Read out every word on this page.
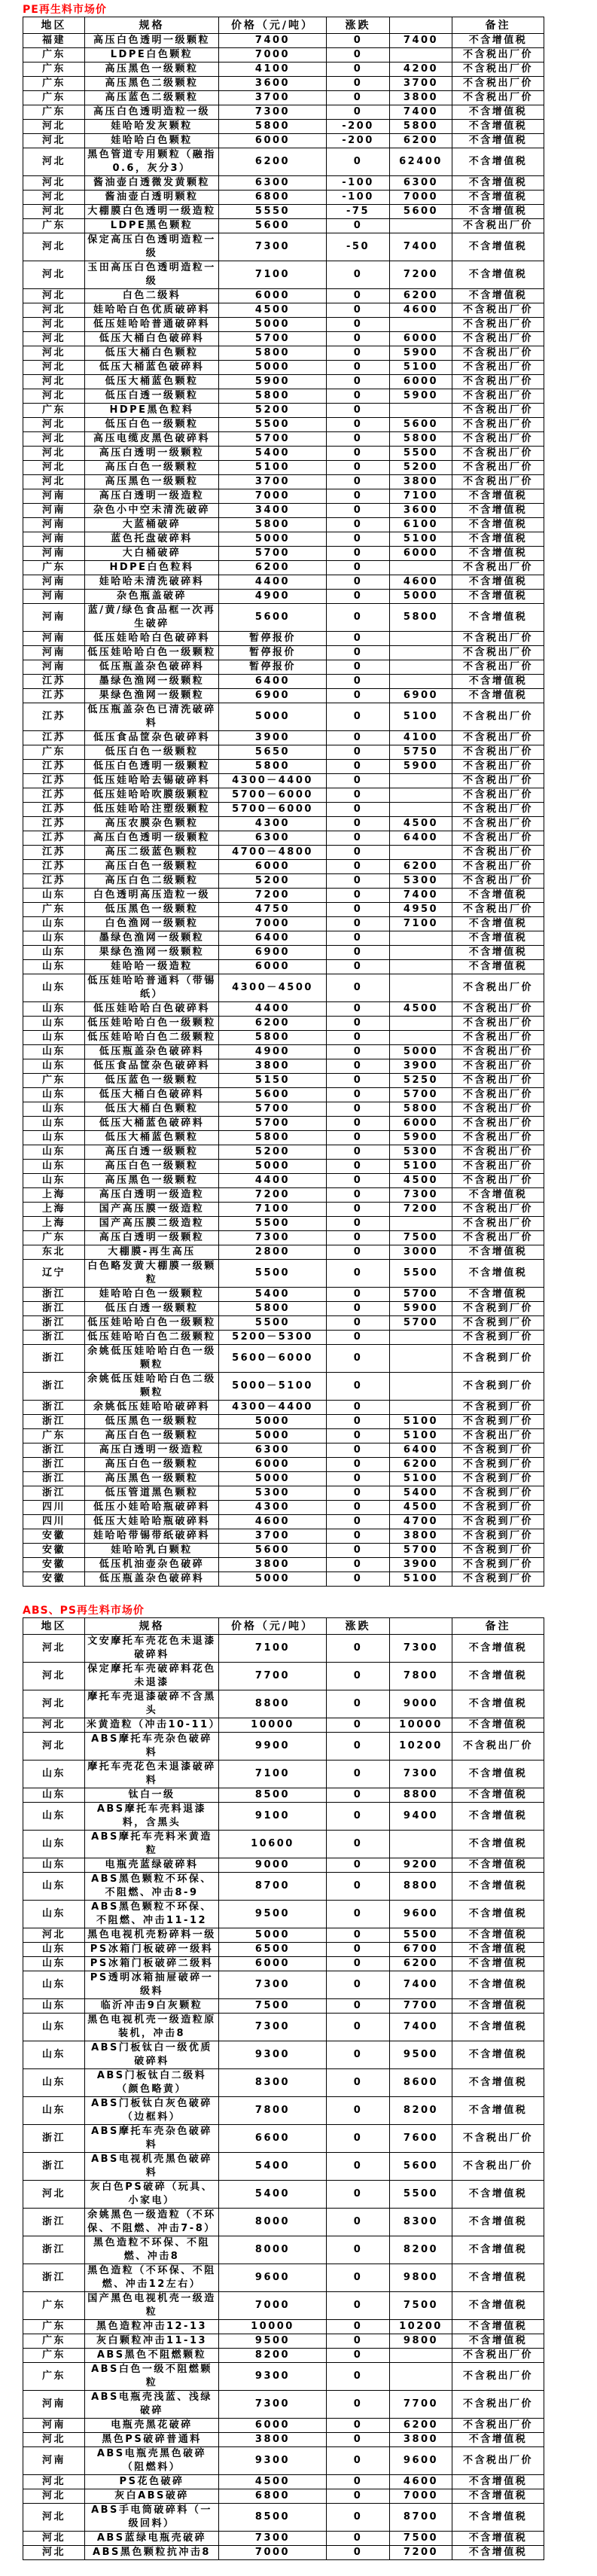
PE再生料市场价
地区	规格	价格（元/吨）	涨跌		备注
福建	高压白色透明一级颗粒	7400	0	7400	不含增值税
广东	LDPE白色颗粒	7000	0		不含税出厂价
广东	高压黑色一级颗粒	4100	0	4200	不含税出厂价
广东	高压黑色二级颗粒	3600	0	3700	不含税出厂价
广东	高压蓝色二级颗粒	3700	0	3800	不含税出厂价
广东	高压白色透明造粒一级	7300	0	7400	不含增值税
河北	娃哈哈发灰颗粒	5800	-200	5800	不含增值税
河北	娃哈哈白色颗粒	6000	-200	6200	不含增值税
河北	黑色管道专用颗粒（融指0.6，灰分3）	6200	0	62400	不含增值税
河北	酱油壶白透微发黄颗粒	6300	-100	6300	不含增值税
河北	酱油壶白透明颗粒	6800	-100	7000	不含增值税
河北	大棚膜白色透明一级造粒	5550	-75	5600	不含增值税
广东	LDPE黑色颗粒	5600	0		不含税出厂价
河北	保定高压白色透明造粒一级	7300	-50	7400	不含增值税
河北	玉田高压白色透明造粒一级	7100	0	7200	不含增值税
河北	白色二级料	6000	0	6200	不含增值税
河北	娃哈哈白色优质破碎料	4500	0	4600	不含税出厂价
河北	低压娃哈哈普通破碎料	5000	0		不含税出厂价
河北	低压大桶白色破碎料	5700	0	6000	不含税出厂价
河北	低压大桶白色颗粒	5800	0	5900	不含税出厂价
河北	低压大桶蓝色破碎料	5000	0	5100	不含税出厂价
河北	低压大桶蓝色颗粒	5900	0	6000	不含税出厂价
河北	低压白透一级颗粒	5800	0	5900	不含税出厂价
广东	HDPE黑色粒料	5200	0		不含税出厂价
河北	低压白色一级颗粒	5500	0	5600	不含税出厂价
河北	高压电缆皮黑色破碎料	5700	0	5800	不含税出厂价
河北	高压白透明一级颗粒	5400	0	5500	不含税出厂价
河北	高压白色一级颗粒	5100	0	5200	不含税出厂价
河北	高压黑色一级颗粒	3700	0	3800	不含税出厂价
河南	高压白透明一级造粒	7000	0	7100	不含增值税
河南	杂色小中空未清洗破碎	3400	0	3600	不含增值税
河南	大蓝桶破碎	5800	0	6100	不含增值税
河南	蓝色托盘破碎料	5000	0	5100	不含增值税
河南	大白桶破碎	5700	0	6000	不含增值税
广东	HDPE白色粒料	6200	0		不含税出厂价
河南	娃哈哈未清洗破碎料	4400	0	4600	不含增值税
河南	杂色瓶盖破碎	4900	0	5000	不含增值税
河南	蓝/黄/绿色食品框一次再生破碎	5600	0	5800	不含增值税
河南	低压娃哈哈白色破碎料	暂停报价	0		不含税出厂价
河南	低压娃哈哈白色一级颗粒	暂停报价	0		不含税出厂价
河南	低压瓶盖杂色破碎料	暂停报价	0		不含税出厂价
江苏	墨绿色渔网一级颗粒	6400	0		不含增值税
江苏	果绿色渔网一级颗粒	6900	0	6900	不含增值税
江苏	低压瓶盖杂色已清洗破碎料	5000	0	5100	不含税出厂价
江苏	低压食品筐杂色破碎料	3900	0	4100	不含税出厂价
广东	低压白色一级颗粒	5650	0	5750	不含税出厂价
江苏	低压白色透明一级颗粒	5800	0	5900	不含税出厂价
江苏	低压娃哈哈去锡破碎料	4300－4400	0		不含税出厂价
江苏	低压娃哈哈吹膜级颗粒	5700－6000	0		不含税出厂价
江苏	低压娃哈哈注塑级颗粒	5700－6000	0		不含税出厂价
江苏	高压农膜杂色颗粒	4300	0	4500	不含税出厂价
江苏	高压白色透明一级颗粒	6300	0	6400	不含税出厂价
江苏	高压二级蓝色颗粒	4700－4800	0		不含税出厂价
江苏	高压白色一级颗粒	6000	0	6200	不含税出厂价
江苏	高压白色二级颗粒	5200	0	5300	不含税出厂价
山东	白色透明高压造粒一级	7200	0	7400	不含增值税
广东	低压黑色一级颗粒	4750	0	4950	不含税出厂价
山东	白色渔网一级颗粒	7000	0	7100	不含增值税
山东	墨绿色渔网一级颗粒	6400	0		不含增值税
山东	果绿色渔网一级颗粒	6900	0		不含增值税
山东	娃哈哈一级造粒	6000	0		不含增值税
山东	低压娃哈哈普通料（带锡纸）	4300－4500	0		不含税出厂价
山东	低压娃哈哈白色破碎料	4400	0	4500	不含税出厂价
山东	低压娃哈哈白色一级颗粒	6200	0		不含税出厂价
山东	低压娃哈哈白色二级颗粒	5800	0		不含税出厂价
山东	低压瓶盖杂色破碎料	4900	0	5000	不含税出厂价
山东	低压食品筐杂色破碎料	3800	0	3900	不含税出厂价
广东	低压蓝色一级颗粒	5150	0	5250	不含税出厂价
山东	低压大桶白色破碎料	5600	0	5700	不含税出厂价
山东	低压大桶白色颗粒	5700	0	5800	不含税出厂价
山东	低压大桶蓝色破碎料	5700	0	6000	不含税出厂价
山东	低压大桶蓝色颗粒	5800	0	5900	不含税出厂价
山东	高压白透一级颗粒	5200	0	5300	不含税出厂价
山东	高压白色一级颗粒	5000	0	5100	不含税出厂价
山东	高压黑色一级颗粒	4400	0	4500	不含税出厂价
上海	高压白透明一级造粒	7200	0	7300	不含增值税
上海	国产高压膜一级造粒	7100	0	7200	不含税出厂价
上海	国产高压膜二级造粒	5500	0		不含税出厂价
广东	高压白透明一级颗粒	7300	0	7500	不含税出厂价
东北	大棚膜-再生高压	2800	0	3000	不含增值税
辽宁	白色略发黄大棚膜一级颗粒	5500	0	5500	不含增值税
浙江	娃哈哈白色一级颗粒	5400	0	5700	不含增值税
浙江	低压白透一级颗粒	5800	0	5900	不含税到厂价
浙江	低压娃哈哈白色一级颗粒	5500	0	5700	不含税到厂价
浙江	低压娃哈哈白色二级颗粒	5200－5300	0		不含税到厂价
浙江	余姚低压娃哈哈白色一级颗粒	5600－6000	0		不含税到厂价
浙江	余姚低压娃哈哈白色二级颗粒	5000－5100	0		不含税到厂价
浙江	余姚低压娃哈哈破碎料	4300－4400	0		不含税到厂价
浙江	低压黑色一级颗粒	5000	0	5100	不含税到厂价
广东	高压白色一级颗粒	5000	0	5100	不含税出厂价
浙江	高压白透明一级造粒	6300	0	6400	不含税到厂价
浙江	高压白色一级颗粒	6000	0	6200	不含税到厂价
浙江	高压黑色一级颗粒	5000	0	5100	不含税到厂价
浙江	低压管道黑色颗粒	5300	0	5400	不含税到厂价
四川	低压小娃哈哈瓶破碎料	4300	0	4500	不含税到厂价
四川	低压大娃哈哈瓶破碎料	4600	0	4700	不含税到厂价
安徽	娃哈哈带锡带纸破碎料	3700	0	3800	不含税到厂价
安徽	娃哈哈乳白颗粒	5600	0	5700	不含税到厂价
安徽	低压机油壶杂色破碎	3800	0	3900	不含税到厂价
安徽	低压瓶盖杂色破碎料	5000	0	5100	不含税到厂价
ABS、PS再生料市场价
地区	规格	价格（元/吨）	涨跌		备注
河北	文安摩托车壳花色未退漆破碎料	7100	0	7300	不含增值税
河北	保定摩托车壳破碎料花色未退漆	7700	0	7800	不含增值税
河北	摩托车壳退漆破碎不含黑头	8800	0	9000	不含增值税
河北	米黄造粒（冲击10-11）	10000	0	10000	不含增值税
河北	ABS摩托车壳杂色破碎料	9900	0	10200	不含税出厂价
山东	摩托车壳花色未退漆破碎料	7100	0	7300	不含增值税
山东	钛白一级	8500	0	8800	不含增值税
山东	ABS摩托车壳料退漆料，含黑头	9100	0	9400	不含增值税
山东	ABS摩托车壳料米黄造粒	10600	0		不含增值税
山东	电瓶壳蓝绿破碎料	9000	0	9200	不含增值税
山东	ABS黑色颗粒不环保、不阻燃、冲击8-9	8700	0	8800	不含增值税
山东	ABS黑色颗粒不环保、不阻燃、冲击11-12	9500	0	9600	不含增值税
河北	黑色电视机壳粉碎料一级	5000	0	5500	不含增值税
山东	PS冰箱门板破碎一级料	6500	0	6700	不含增值税
山东	PS冰箱门板破碎二级料	6000	0	6200	不含增值税
山东	PS透明冰箱抽屉破碎一级料	7300	0	7400	不含增值税
山东	临沂冲击9白灰颗粒	7500	0	7700	不含增值税
山东	黑色电视机壳一级造粒原装机，冲击8	7300	0	7400	不含增值税
山东	ABS门板钛白一级优质破碎料	9300	0	9500	不含增值税
山东	ABS门板钛白二级料（颜色略黄）	8300	0	8600	不含增值税
山东	ABS门板钛白灰色破碎（边框料）	7800	0	8200	不含增值税
浙江	ABS摩托车壳杂色破碎料	6600	0	7600	不含税出厂价
浙江	ABS电视机壳黑色破碎料	5400	0	5600	不含税出厂价
河北	灰白色PS破碎（玩具、小家电）	5400	0	5500	不含增值税
浙江	余姚黑色一级造粒（不环保、不阻燃、冲击7-8）	8000	0	8300	不含增值税
浙江	黑色造粒不环保、不阻燃、冲击8	8000	0	8200	不含增值税
浙江	黑色造粒（不环保、不阻燃、冲击12左右）	9600	0	9800	不含增值税
广东	国产黑色电视机壳一级造粒	7000	0	7500	不含增值税
广东	黑色造粒冲击12-13	10000	0	10200	不含增值税
广东	灰白颗粒冲击11-13	9500	0	9800	不含增值税
广东	ABS黑色不阻燃颗粒	8200	0		不含税出厂价
广东	ABS白色一级不阻燃颗粒	9300	0		不含税出厂价
河南	ABS电瓶壳浅蓝、浅绿破碎	7300	0	7700	不含税出厂价
河南	电瓶壳黑花破碎	6000	0	6200	不含税出厂价
河北	黑色PS破碎普通料	3800	0	3800	不含增值税
河南	ABS电瓶壳黑色破碎（阻燃料）	9300	0	9600	不含税出厂价
河北	PS花色破碎	4500	0	4600	不含增值税
河北	灰白ABS破碎	6800	0	7000	不含增值税
河北	ABS手电筒破碎料（一级回料）	8500	0	8700	不含增值税
河北	ABS蓝绿电瓶壳破碎	7300	0	7500	不含增值税
河北	ABS黑色颗粒抗冲击8	7000	0	7200	不含增值税
